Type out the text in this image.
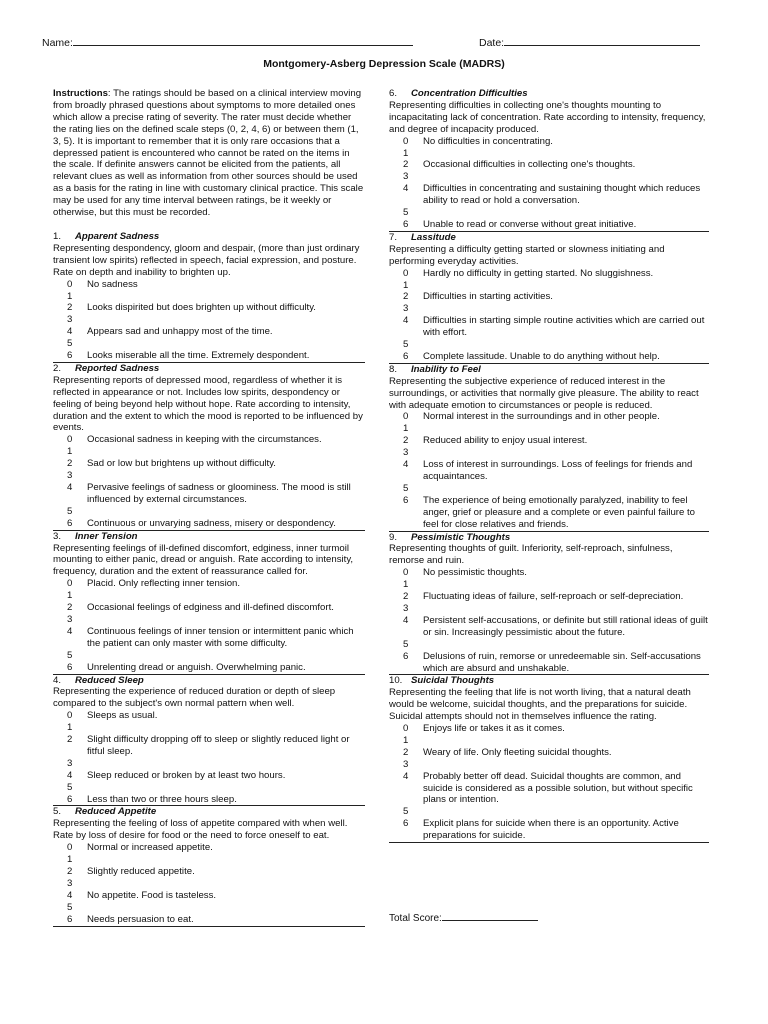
Name:	Date:
Montgomery-Asberg Depression Scale (MADRS)

Instructions: The ratings should be based on a clinical interview moving from broadly phrased questions about symptoms to more detailed ones which allow a precise rating of severity. The rater must decide whether the rating lies on the defined scale steps (0, 2, 4, 6) or between them (1, 3, 5). It is important to remember that it is only rare occasions that a depressed patient is encountered who cannot be rated on the items in the scale. If definite answers cannot be elicited from the patients, all relevant clues as well as information from other sources should be used as a basis for the rating in line with customary clinical practice. This scale may be used for any time interval between ratings, be it weekly or otherwise, but this must be recorded.

1. Apparent Sadness

Representing despondency, gloom and despair, (more than just ordinary transient low spirits) reflected in speech, facial expression, and posture. Rate on depth and inability to brighten up.

0	No sadness
1
2	Looks dispirited but does brighten up without difficulty.
3
4	Appears sad and unhappy most of the time.
5
6	Looks miserable all the time. Extremely despondent.
2. Reported Sadness

Representing reports of depressed mood, regardless of whether it is reflected in appearance or not. Includes low spirits, despondency or feeling of being beyond help without hope. Rate according to intensity, duration and the extent to which the mood is reported to be influenced by events.

0	Occasional sadness in keeping with the circumstances.
1
2	Sad or low but brightens up without difficulty.
3
4	Pervasive feelings of sadness or gloominess. The mood is still influenced by external circumstances.
5
6	Continuous or unvarying sadness, misery or despondency.
3. Inner Tension

Representing feelings of ill-defined discomfort, edginess, inner turmoil mounting to either panic, dread or anguish. Rate according to intensity, frequency, duration and the extent of reassurance called for.

0	Placid. Only reflecting inner tension.
1
2	Occasional feelings of edginess and ill-defined discomfort.
3
4	Continuous feelings of inner tension or intermittent panic which the patient can only master with some difficulty.
5
6	Unrelenting dread or anguish. Overwhelming panic.
4. Reduced Sleep

Representing the experience of reduced duration or depth of sleep compared to the subject's own normal pattern when well.

0	Sleeps as usual.
1
2	Slight difficulty dropping off to sleep or slightly reduced light or fitful sleep.
3
4	Sleep reduced or broken by at least two hours.
5
6	Less than two or three hours sleep.
5. Reduced Appetite

Representing the feeling of loss of appetite compared with when well. Rate by loss of desire for food or the need to force oneself to eat.

0	Normal or increased appetite.
1
2	Slightly reduced appetite.
3
4	No appetite. Food is tasteless.
5
6	Needs persuasion to eat.
6. Concentration Difficulties

Representing difficulties in collecting one's thoughts mounting to incapacitating lack of concentration. Rate according to intensity, frequency, and degree of incapacity produced.

0	No difficulties in concentrating.
1
2	Occasional difficulties in collecting one's thoughts.
3
4	Difficulties in concentrating and sustaining thought which reduces ability to read or hold a conversation.
5
6	Unable to read or converse without great initiative.
7. Lassitude

Representing a difficulty getting started or slowness initiating and performing everyday activities.

0	Hardly no difficulty in getting started. No sluggishness.
1
2	Difficulties in starting activities.
3
4	Difficulties in starting simple routine activities which are carried out with effort.
5
6	Complete lassitude. Unable to do anything without help.
8. Inability to Feel

Representing the subjective experience of reduced interest in the surroundings, or activities that normally give pleasure. The ability to react with adequate emotion to circumstances or people is reduced.

0	Normal interest in the surroundings and in other people.
1
2	Reduced ability to enjoy usual interest.
3
4	Loss of interest in surroundings. Loss of feelings for friends and acquaintances.
5
6	The experience of being emotionally paralyzed, inability to feel anger, grief or pleasure and a complete or even painful failure to feel for close relatives and friends.
9. Pessimistic Thoughts

Representing thoughts of guilt. Inferiority, self-reproach, sinfulness, remorse and ruin.

0	No pessimistic thoughts.
1
2	Fluctuating ideas of failure, self-reproach or self-depreciation.
3
4	Persistent self-accusations, or definite but still rational ideas of guilt or sin. Increasingly pessimistic about the future.
5
6	Delusions of ruin, remorse or unredeemable sin. Self-accusations which are absurd and unshakable.
10. Suicidal Thoughts

Representing the feeling that life is not worth living, that a natural death would be welcome, suicidal thoughts, and the preparations for suicide. Suicidal attempts should not in themselves influence the rating.

0	Enjoys life or takes it as it comes.
1
2	Weary of life. Only fleeting suicidal thoughts.
3
4	Probably better off dead. Suicidal thoughts are common, and suicide is considered as a possible solution, but without specific plans or intention.
5
6	Explicit plans for suicide when there is an opportunity. Active preparations for suicide.
Total Score:
